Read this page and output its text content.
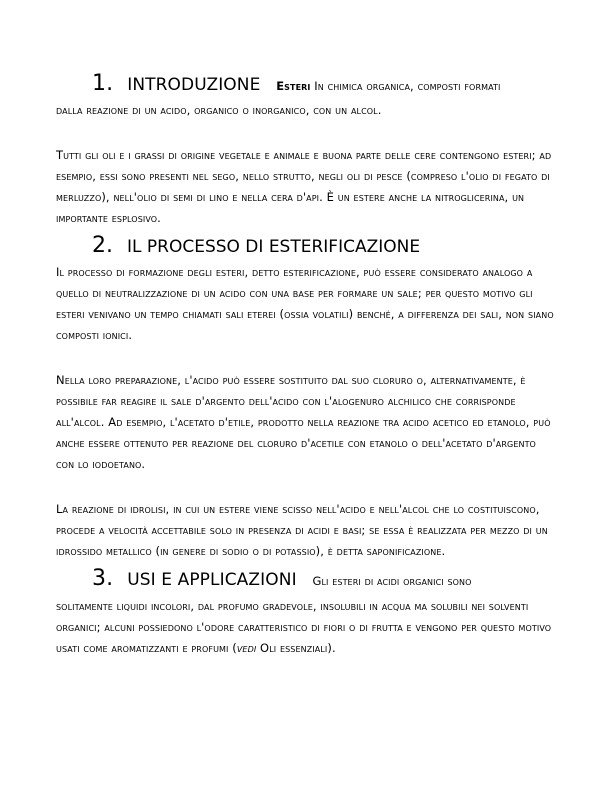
1. INTRODUZIONE Esteri In chimica organica, composti formati
dalla reazione di un acido, organico o inorganico, con un alcol.
Tutti gli oli e i grassi di origine vegetale e animale e buona parte delle cere contengono esteri; ad esempio, essi sono presenti nel sego, nello strutto, negli oli di pesce (compreso l'olio di fegato di merluzzo), nell'olio di semi di lino e nella cera d'api. È un estere anche la nitroglicerina, un importante esplosivo.
2. IL PROCESSO DI ESTERIFICAZIONE
Il processo di formazione degli esteri, detto esterificazione, può essere considerato analogo a quello di neutralizzazione di un acido con una base per formare un sale; per questo motivo gli esteri venivano un tempo chiamati sali eterei (ossia volatili) benché, a differenza dei sali, non siano composti ionici.
Nella loro preparazione, l'acido può essere sostituito dal suo cloruro o, alternativamente, è possibile far reagire il sale d'argento dell'acido con l'alogenuro alchilico che corrisponde all'alcol. Ad esempio, l'acetato d'etile, prodotto nella reazione tra acido acetico ed etanolo, può anche essere ottenuto per reazione del cloruro d'acetile con etanolo o dell'acetato d'argento con lo iodoetano.
La reazione di idrolisi, in cui un estere viene scisso nell'acido e nell'alcol che lo costituiscono, procede a velocità accettabile solo in presenza di acidi e basi; se essa è realizzata per mezzo di un idrossido metallico (in genere di sodio o di potassio), è detta saponificazione.
3. USI E APPLICAZIONI Gli esteri di acidi organici sono
solitamente liquidi incolori, dal profumo gradevole, insolubili in acqua ma solubili nei solventi organici; alcuni possiedono l'odore caratteristico di fiori o di frutta e vengono per questo motivo usati come aromatizzanti e profumi (vedi Oli essenziali).
